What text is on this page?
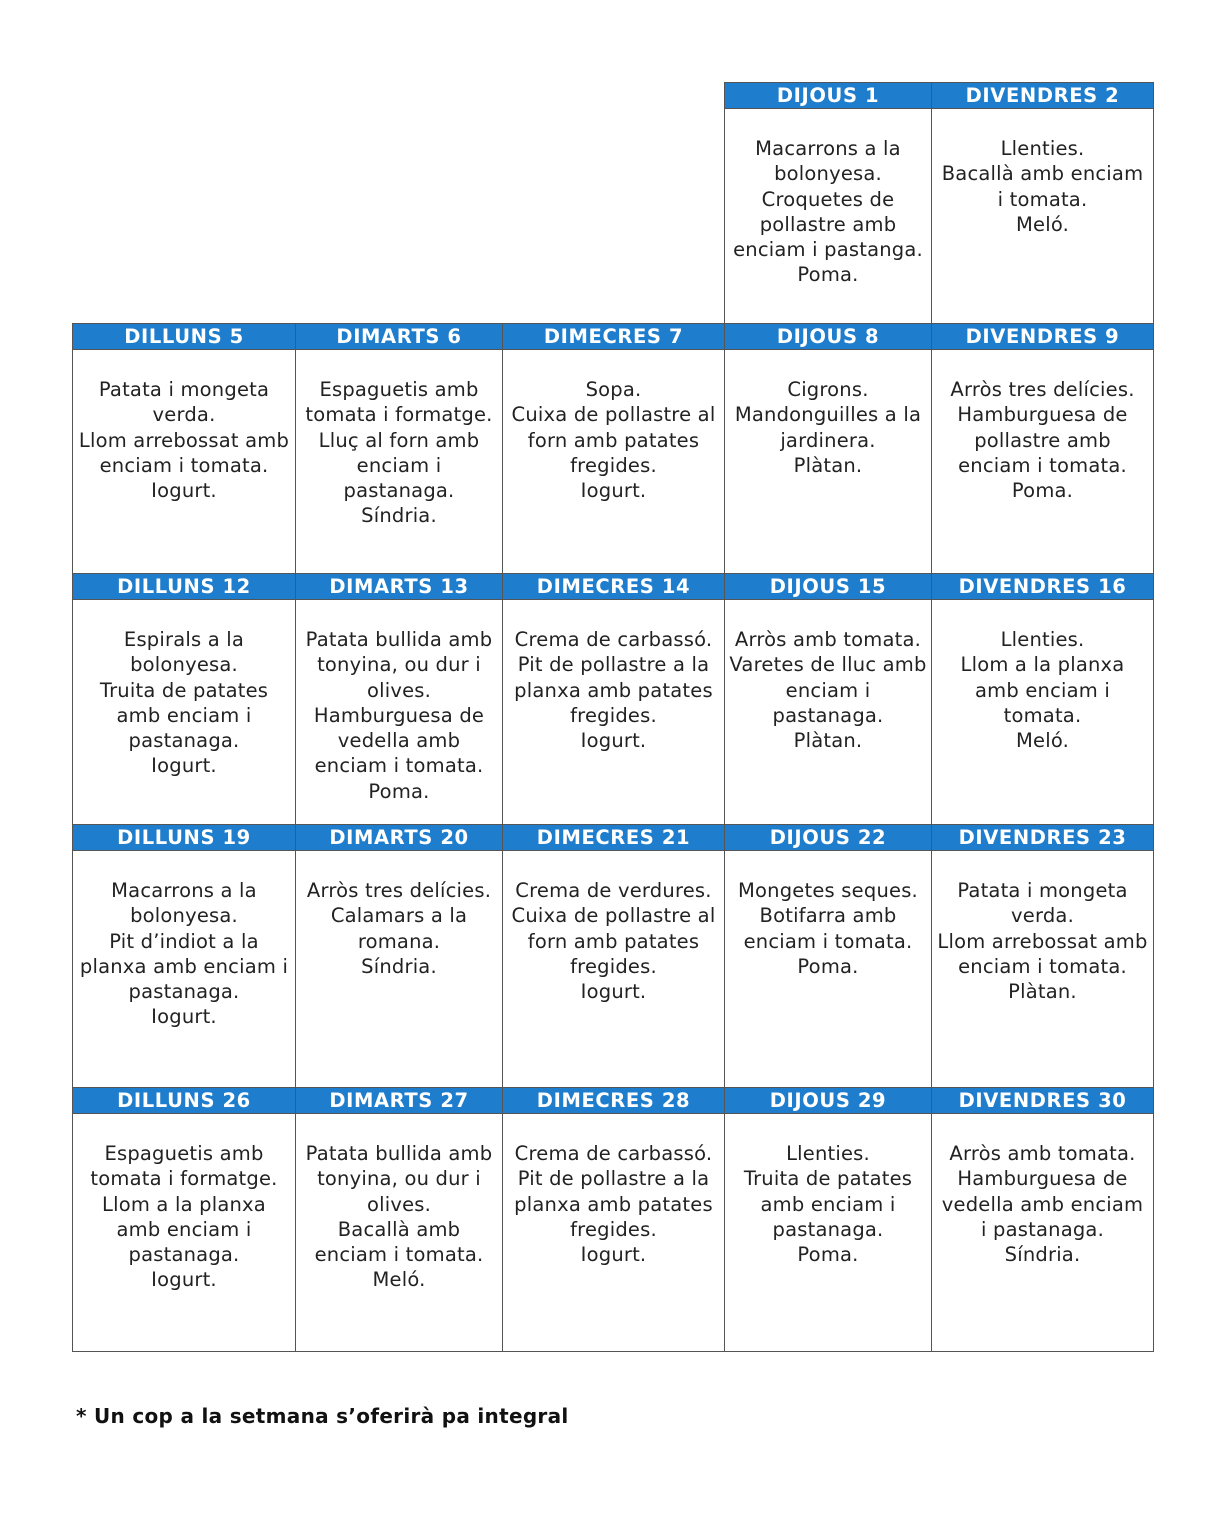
			DIJOUS 1	DIVENDRES 2

			Macarrons a la bolonyesa.
Croquetes de pollastre amb enciam i pastanga.
Poma.	Llenties.
Bacallà amb enciam i tomata.
Meló.

DILLUNS 5	DIMARTS 6	DIMECRES 7	DIJOUS 8	DIVENDRES 9

Patata i mongeta verda.
Llom arrebossat amb enciam i tomata.
Iogurt.	Espaguetis amb tomata i formatge.
Lluç al forn amb enciam i pastanaga.
Síndria.	Sopa.
Cuixa de pollastre al forn amb patates fregides.
Iogurt.	Cigrons.
Mandonguilles a la jardinera.
Plàtan.	Arròs tres delícies.
Hamburguesa de pollastre amb enciam i tomata.
Poma.

DILLUNS 12	DIMARTS 13	DIMECRES 14	DIJOUS 15	DIVENDRES 16

Espirals a la bolonyesa.
Truita de patates amb enciam i pastanaga.
Iogurt.	Patata bullida amb tonyina, ou dur i olives.
Hamburguesa de vedella amb enciam i tomata.
Poma.	Crema de carbassó.
Pit de pollastre a la planxa amb patates fregides.
Iogurt.	Arròs amb tomata.
Varetes de lluc amb enciam i pastanaga.
Plàtan.	Llenties.
Llom a la planxa amb enciam i tomata.
Meló.

DILLUNS 19	DIMARTS 20	DIMECRES 21	DIJOUS 22	DIVENDRES 23

Macarrons a la bolonyesa.
Pit d’indiot a la planxa amb enciam i pastanaga.
Iogurt.	Arròs tres delícies.
Calamars a la romana.
Síndria.	Crema de verdures.
Cuixa de pollastre al forn amb patates fregides.
Iogurt.	Mongetes seques.
Botifarra amb enciam i tomata.
Poma.	Patata i mongeta verda.
Llom arrebossat amb enciam i tomata.
Plàtan.

DILLUNS 26	DIMARTS 27	DIMECRES 28	DIJOUS 29	DIVENDRES 30

Espaguetis amb tomata i formatge.
Llom a la planxa amb enciam i pastanaga.
Iogurt.	Patata bullida amb tonyina, ou dur i olives.
Bacallà amb enciam i tomata.
Meló.	Crema de carbassó.
Pit de pollastre a la planxa amb patates fregides.
Iogurt.	Llenties.
Truita de patates amb enciam i pastanaga.
Poma.	Arròs amb tomata.
Hamburguesa de vedella amb enciam i pastanaga.
Síndria.
* Un cop a la setmana s’oferirà pa integral
